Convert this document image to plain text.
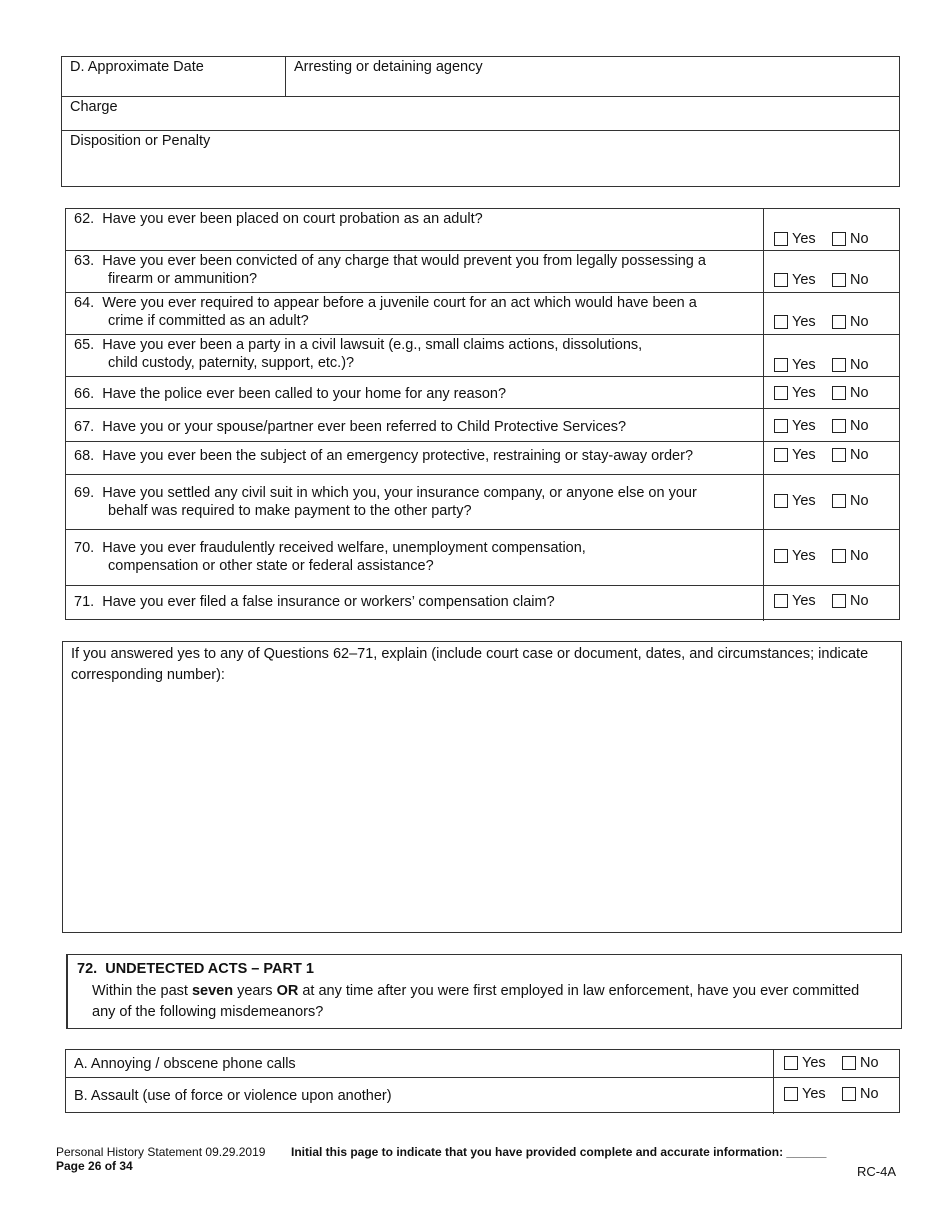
D. Approximate Date	Arresting or detaining agency
Charge
Disposition or Penalty
62. Have you ever been placed on court probation as an adult?
Yes No
63. Have you ever been convicted of any charge that would prevent you from legally possessing a
firearm or ammunition?	Yes No
64. Were you ever required to appear before a juvenile court for an act which would have been a
crime if committed as an adult?	Yes No
65. Have you ever been a party in a civil lawsuit (e.g., small claims actions, dissolutions,
child custody, paternity, support, etc.)?	Yes No
66. Have the police ever been called to your home for any reason?	Yes No
67. Have you or your spouse/partner ever been referred to Child Protective Services?	Yes No
68. Have you ever been the subject of an emergency protective, restraining or stay-away order?	Yes No
69. Have you settled any civil suit in which you, your insurance company, or anyone else on your
behalf was required to make payment to the other party?
Yes No
70. Have you ever fraudulently received welfare, unemployment compensation,
compensation or other state or federal assistance?
Yes No
71. Have you ever filed a false insurance or workers’ compensation claim?	Yes No
If you answered yes to any of Questions 62–71, explain (include court case or document, dates, and circumstances; indicate corresponding number):
72.  UNDETECTED ACTS – PART 1
Within the past seven years OR at any time after you were first employed in law enforcement, have you ever committed any of the following misdemeanors?
A. Annoying / obscene phone calls	Yes No
B. Assault (use of force or violence upon another)	Yes No
Personal History Statement 09.29.2019
Page 26 of 34
Initial this page to indicate that you have provided complete and accurate information: ______
RC-4A
